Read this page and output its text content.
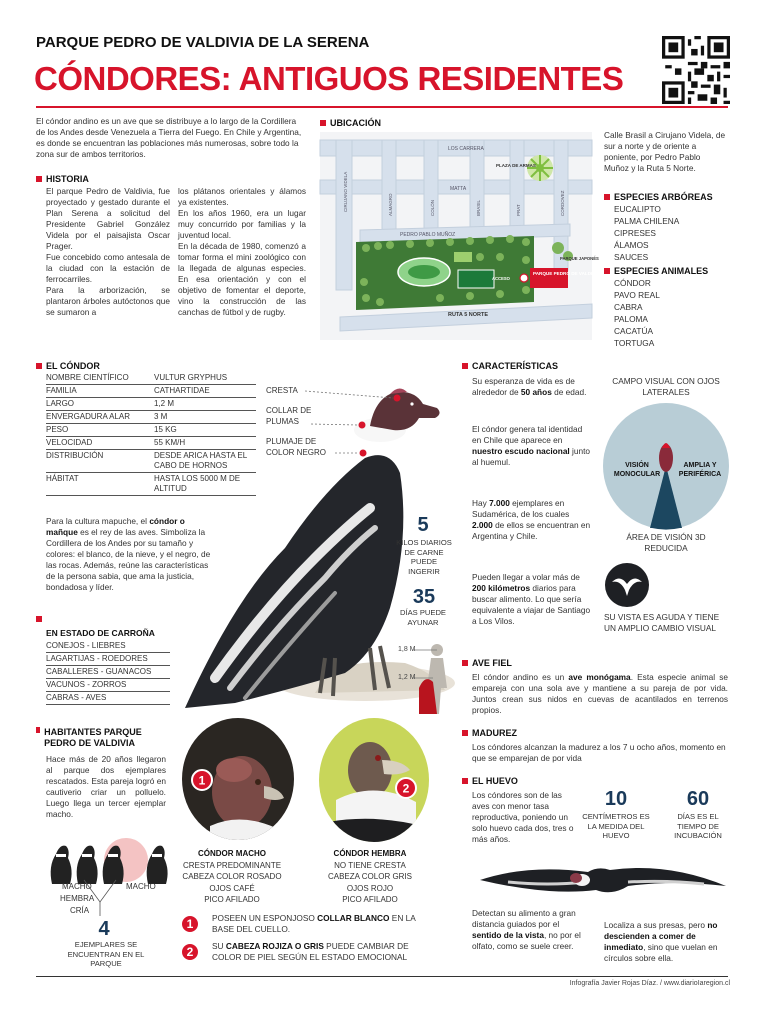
PARQUE PEDRO DE VALDIVIA DE LA SERENA
CÓNDORES: ANTIGUOS RESIDENTES
El cóndor andino es un ave que se distribuye a lo largo de la Cordillera de los Andes desde Venezuela a Tierra del Fuego. En Chile y Argentina, es donde se encuentran las poblaciones más numerosas, sobre todo la zona sur de ambos territorios.
HISTORIA
El parque Pedro de Valdivia, fue proyectado y gestado durante el Plan Serena a solicitud del Presidente Gabriel González Videla por el paisajista Oscar Prager.
Fue concebido como antesala de la ciudad con la estación de ferrocarriles.
Para la arborización, se plantaron árboles autóctonos que se sumaron a
los plátanos orientales y álamos ya existentes.
En los años 1960, era un lugar muy concurrido por familias y la juventud local.
En la década de 1980, comenzó a tomar forma el mini zoológico con la llegada de algunas especies. En esa orientación y con el objetivo de fomentar el deporte, vino la construcción de las canchas de fútbol y de rugby.
UBICACIÓN
LOS CARRERA
MATTA
PEDRO PABLO MUÑOZ
RUTA 5 NORTE
CIRUJANO VIDELA	ALMAGRO	COLÓN	BRASIL	PRAT	CORDOVEZ
PLAZA DE ARMAS
PARQUE JAPONÉS
ACCESO
PARQUE PEDRO DE VALDIVIA
Calle Brasil a Cirujano Videla, de sur a norte y de oriente a poniente, por Pedro Pablo Muñoz y la Ruta 5 Norte.
ESPECIES ARBÓREAS
EUCALIPTO
PALMA CHILENA
CIPRESES
ÁLAMOS
SAUCES
ESPECIES ANIMALES
CÓNDOR
PAVO REAL
CABRA
PALOMA
CACATÚA
TORTUGA
EL CÓNDOR
NOMBRE CIENTÍFICO	VULTUR GRYPHUS
FAMILIA	CATHARTIDAE
LARGO	1,2 M
ENVERGADURA ALAR	3 M
PESO	15 KG
VELOCIDAD	55 KM/H
DISTRIBUCIÓN	DESDE ARICA HASTA EL CABO DE HORNOS
HÁBITAT	HASTA LOS 5000 M DE ALTITUD
Para la cultura mapuche, el cóndor o mañque es el rey de las aves. Simboliza la Cordillera de los Andes por su tamaño y colores: el blanco, de la nieve, y el negro, de las rocas. Además, reúne las características de la persona sabia, que ama la justicia, bondadosa y líder.
EN ESTADO DE CARROÑA
CONEJOS - LIEBRES
LAGARTIJAS - ROEDORES
CABALLERES - GUANACOS
VACUNOS - ZORROS
CABRAS - AVES
CRESTA
COLLAR DE PLUMAS
PLUMAJE DE COLOR NEGRO
5
KILOS DIARIOS DE CARNE PUEDE INGERIR
35
DÍAS PUEDE AYUNAR
1,8 M
1,2 M
HABITANTES PARQUE PEDRO DE VALDIVIA
Hace más de 20 años llegaron al parque dos ejemplares rescatados. Esta pareja logró en cautiverio criar un polluelo. Luego llega un tercer ejemplar macho.
MACHO
HEMBRA
CRÍA
MACHO
4
EJEMPLARES SE ENCUENTRAN EN EL PARQUE
1
2
CÓNDOR MACHO
CRESTA PREDOMINANTE
CABEZA COLOR ROSADO
OJOS CAFÉ
PICO AFILADO
CÓNDOR HEMBRA
NO TIENE CRESTA
CABEZA COLOR GRIS
OJOS ROJO
PICO AFILADO
1	POSEEN UN ESPONJOSO COLLAR BLANCO EN LA BASE DEL CUELLO.
2	SU CABEZA ROJIZA O GRIS PUEDE CAMBIAR DE COLOR DE PIEL SEGÚN EL ESTADO EMOCIONAL
CARACTERÍSTICAS
Su esperanza de vida es de alrededor de 50 años de edad.
El cóndor genera tal identidad en Chile que aparece en nuestro escudo nacional junto al huemul.
Hay 7.000 ejemplares en Sudamérica, de los cuales 2.000 de ellos se encuentran en Argentina y Chile.
Pueden llegar a volar más de 200 kilómetros diarios para buscar alimento. Lo que sería equivalente a viajar de Santiago a Los Vilos.
CAMPO VISUAL CON OJOS LATERALES
VISIÓN MONOCULAR
AMPLIA Y PERIFÉRICA
ÁREA DE VISIÓN 3D REDUCIDA
SU VISTA ES AGUDA Y TIENE UN AMPLIO CAMBIO VISUAL
AVE FIEL
El cóndor andino es un ave monógama. Esta especie animal se empareja con una sola ave y mantiene a su pareja de por vida. Juntos crean sus nidos en cuevas de acantilados en terrenos propios.
MADUREZ
Los cóndores alcanzan la madurez a los 7 u ocho años, momento en que se emparejan de por vida
EL HUEVO
Los cóndores son de las aves con menor tasa reproductiva, poniendo un solo huevo cada dos, tres o más años.
10
CENTÍMETROS ES LA MEDIDA DEL HUEVO
60
DÍAS ES EL TIEMPO DE INCUBACIÓN
Detectan su alimento a gran distancia guiados por el sentido de la vista, no por el olfato, como se suele creer.
Localiza a sus presas, pero no descienden a comer de inmediato, sino que vuelan en círculos sobre ella.
Infografía Javier Rojas Díaz. / www.diarioIaregion.cl
